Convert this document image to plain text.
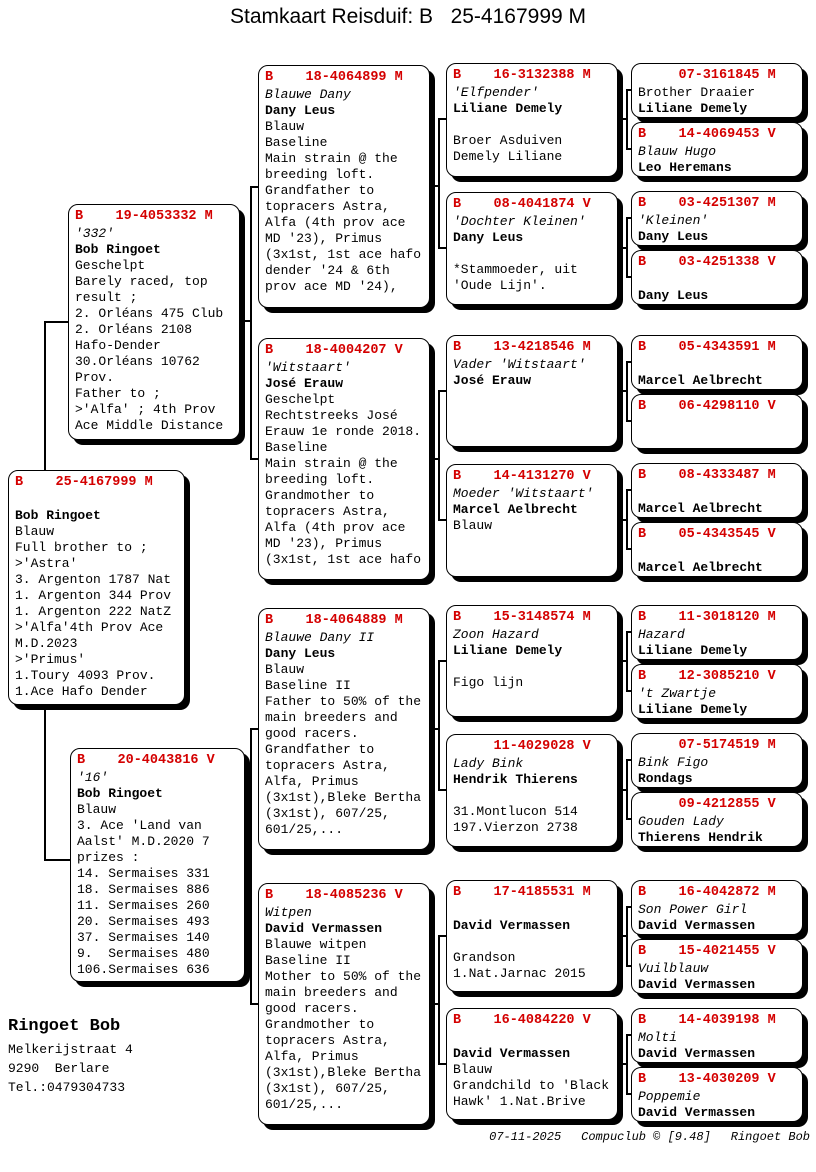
Stamkaart Reisduif: B   25-4167999 M
B    19-4053332 M
'332'
Bob Ringoet
Geschelpt
Barely raced, top
result ;
2. Orléans 475 Club
2. Orléans 2108
Hafo-Dender
30.Orléans 10762
Prov.
Father to ;
>'Alfa' ; 4th Prov
Ace Middle Distance
B    25-4167999 M
Bob Ringoet
Blauw
Full brother to ;
>'Astra'
3. Argenton 1787 Nat
1. Argenton 344 Prov
1. Argenton 222 NatZ
>'Alfa'4th Prov Ace
M.D.2023
>'Primus'
1.Toury 4093 Prov.
1.Ace Hafo Dender
B    20-4043816 V
'16'
Bob Ringoet
Blauw
3. Ace 'Land van
Aalst' M.D.2020 7
prizes :
14. Sermaises 331
18. Sermaises 886
11. Sermaises 260
20. Sermaises 493
37. Sermaises 140
9.  Sermaises 480
106.Sermaises 636
B    18-4064899 M
Blauwe Dany
Dany Leus
Blauw
Baseline
Main strain @ the
breeding loft.
Grandfather to
topracers Astra,
Alfa (4th prov ace
MD '23), Primus
(3x1st, 1st ace hafo
dender '24 & 6th
prov ace MD '24),
B    18-4004207 V
'Witstaart'
José Erauw
Geschelpt
Rechtstreeks José
Erauw 1e ronde 2018.
Baseline
Main strain @ the
breeding loft.
Grandmother to
topracers Astra,
Alfa (4th prov ace
MD '23), Primus
(3x1st, 1st ace hafo
B    18-4064889 M
Blauwe Dany II
Dany Leus
Blauw
Baseline II
Father to 50% of the
main breeders and
good racers.
Grandfather to
topracers Astra,
Alfa, Primus
(3x1st),Bleke Bertha
(3x1st), 607/25,
601/25,...
B    18-4085236 V
Witpen
David Vermassen
Blauwe witpen
Baseline II
Mother to 50% of the
main breeders and
good racers.
Grandmother to
topracers Astra,
Alfa, Primus
(3x1st),Bleke Bertha
(3x1st), 607/25,
601/25,...
B    16-3132388 M
'Elfpender'
Liliane Demely
Broer Asduiven
Demely Liliane
B    08-4041874 V
'Dochter Kleinen'
Dany Leus
*Stammoeder, uit
'Oude Lijn'.
B    13-4218546 M
Vader 'Witstaart'
José Erauw
B    14-4131270 V
Moeder 'Witstaart'
Marcel Aelbrecht
Blauw
B    15-3148574 M
Zoon Hazard
Liliane Demely
Figo lijn
11-4029028 V
Lady Bink
Hendrik Thierens
31.Montlucon 514
197.Vierzon 2738
B    17-4185531 M
David Vermassen
Grandson
1.Nat.Jarnac 2015
B    16-4084220 V
David Vermassen
Blauw
Grandchild to 'Black
Hawk' 1.Nat.Brive
07-3161845 M
Brother Draaier
Liliane Demely
B    14-4069453 V
Blauw Hugo
Leo Heremans
B    03-4251307 M
'Kleinen'
Dany Leus
B    03-4251338 V
Dany Leus
B    05-4343591 M
Marcel Aelbrecht
B    06-4298110 V
B    08-4333487 M
Marcel Aelbrecht
B    05-4343545 V
Marcel Aelbrecht
B    11-3018120 M
Hazard
Liliane Demely
B    12-3085210 V
't Zwartje
Liliane Demely
07-5174519 M
Bink Figo
Rondags
09-4212855 V
Gouden Lady
Thierens Hendrik
B    16-4042872 M
Son Power Girl
David Vermassen
B    15-4021455 V
Vuilblauw
David Vermassen
B    14-4039198 M
Molti
David Vermassen
B    13-4030209 V
Poppemie
David Vermassen
Ringoet Bob
Melkerijstraat 4
9290  Berlare
Tel.:0479304733
07-11-2025 Compuclub © [9.48] Ringoet Bob
